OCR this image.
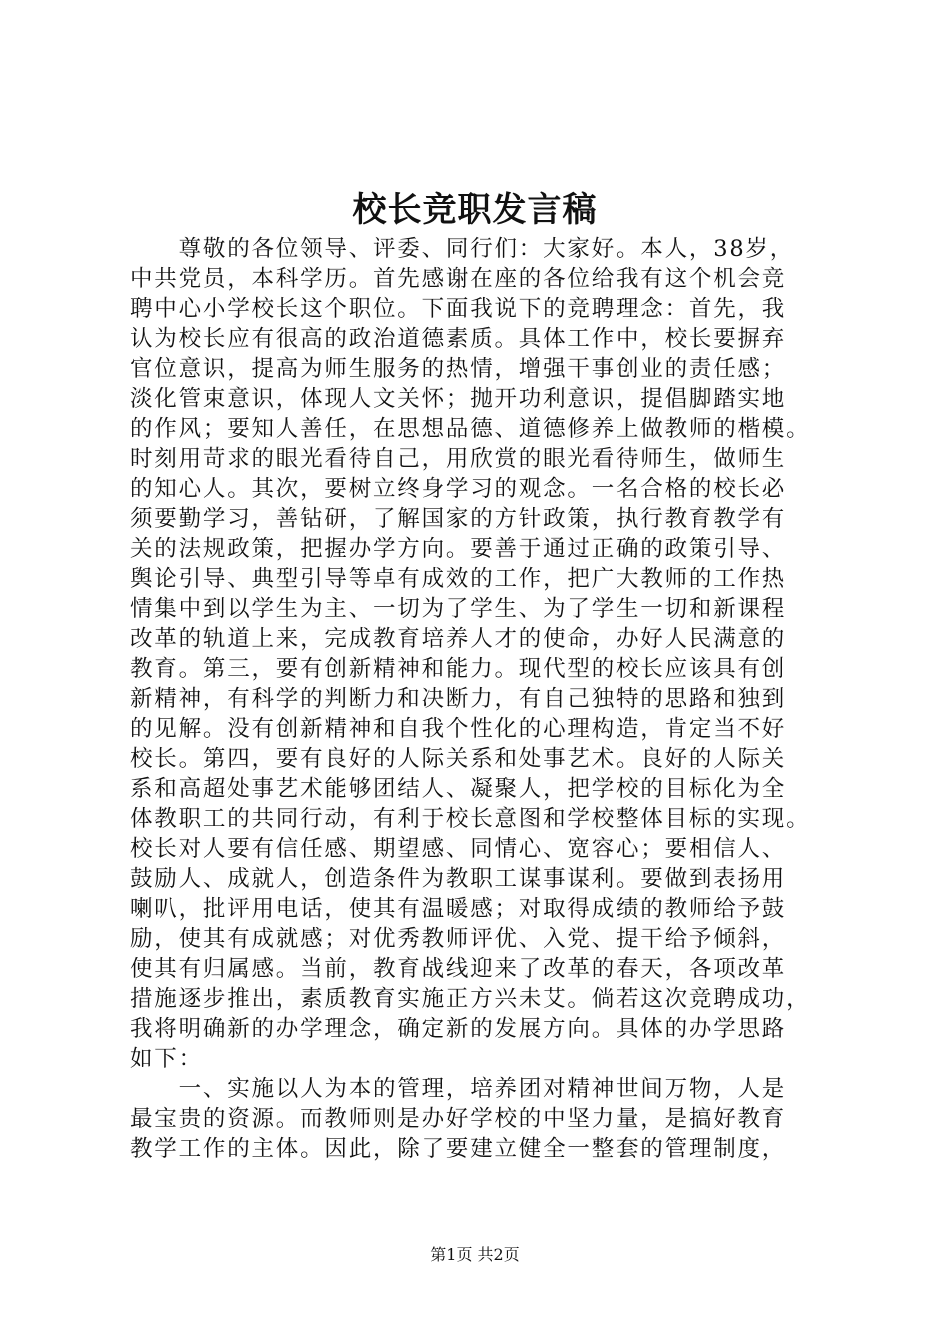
校长竞职发言稿
　　尊敬的各位领导、评委、同行们：大家好。本人，38岁，
中共党员，本科学历。首先感谢在座的各位给我有这个机会竞
聘中心小学校长这个职位。下面我说下的竞聘理念：首先，我
认为校长应有很高的政治道德素质。具体工作中，校长要摒弃
官位意识，提高为师生服务的热情，增强干事创业的责任感；
淡化管束意识，体现人文关怀；抛开功利意识，提倡脚踏实地
的作风；要知人善任，在思想品德、道德修养上做教师的楷模。
时刻用苛求的眼光看待自己，用欣赏的眼光看待师生，做师生
的知心人。其次，要树立终身学习的观念。一名合格的校长必
须要勤学习，善钻研，了解国家的方针政策，执行教育教学有
关的法规政策，把握办学方向。要善于通过正确的政策引导、
舆论引导、典型引导等卓有成效的工作，把广大教师的工作热
情集中到以学生为主、一切为了学生、为了学生一切和新课程
改革的轨道上来，完成教育培养人才的使命，办好人民满意的
教育。第三，要有创新精神和能力。现代型的校长应该具有创
新精神，有科学的判断力和决断力，有自己独特的思路和独到
的见解。没有创新精神和自我个性化的心理构造，肯定当不好
校长。第四，要有良好的人际关系和处事艺术。良好的人际关
系和高超处事艺术能够团结人、凝聚人，把学校的目标化为全
体教职工的共同行动，有利于校长意图和学校整体目标的实现。
校长对人要有信任感、期望感、同情心、宽容心；要相信人、
鼓励人、成就人，创造条件为教职工谋事谋利。要做到表扬用
喇叭，批评用电话，使其有温暖感；对取得成绩的教师给予鼓
励，使其有成就感；对优秀教师评优、入党、提干给予倾斜，
使其有归属感。当前，教育战线迎来了改革的春天，各项改革
措施逐步推出，素质教育实施正方兴未艾。倘若这次竞聘成功，
我将明确新的办学理念，确定新的发展方向。具体的办学思路
如下：
　　一、实施以人为本的管理，培养团对精神世间万物，人是
最宝贵的资源。而教师则是办好学校的中坚力量，是搞好教育
教学工作的主体。因此，除了要建立健全一整套的管理制度，
第1页 共2页
